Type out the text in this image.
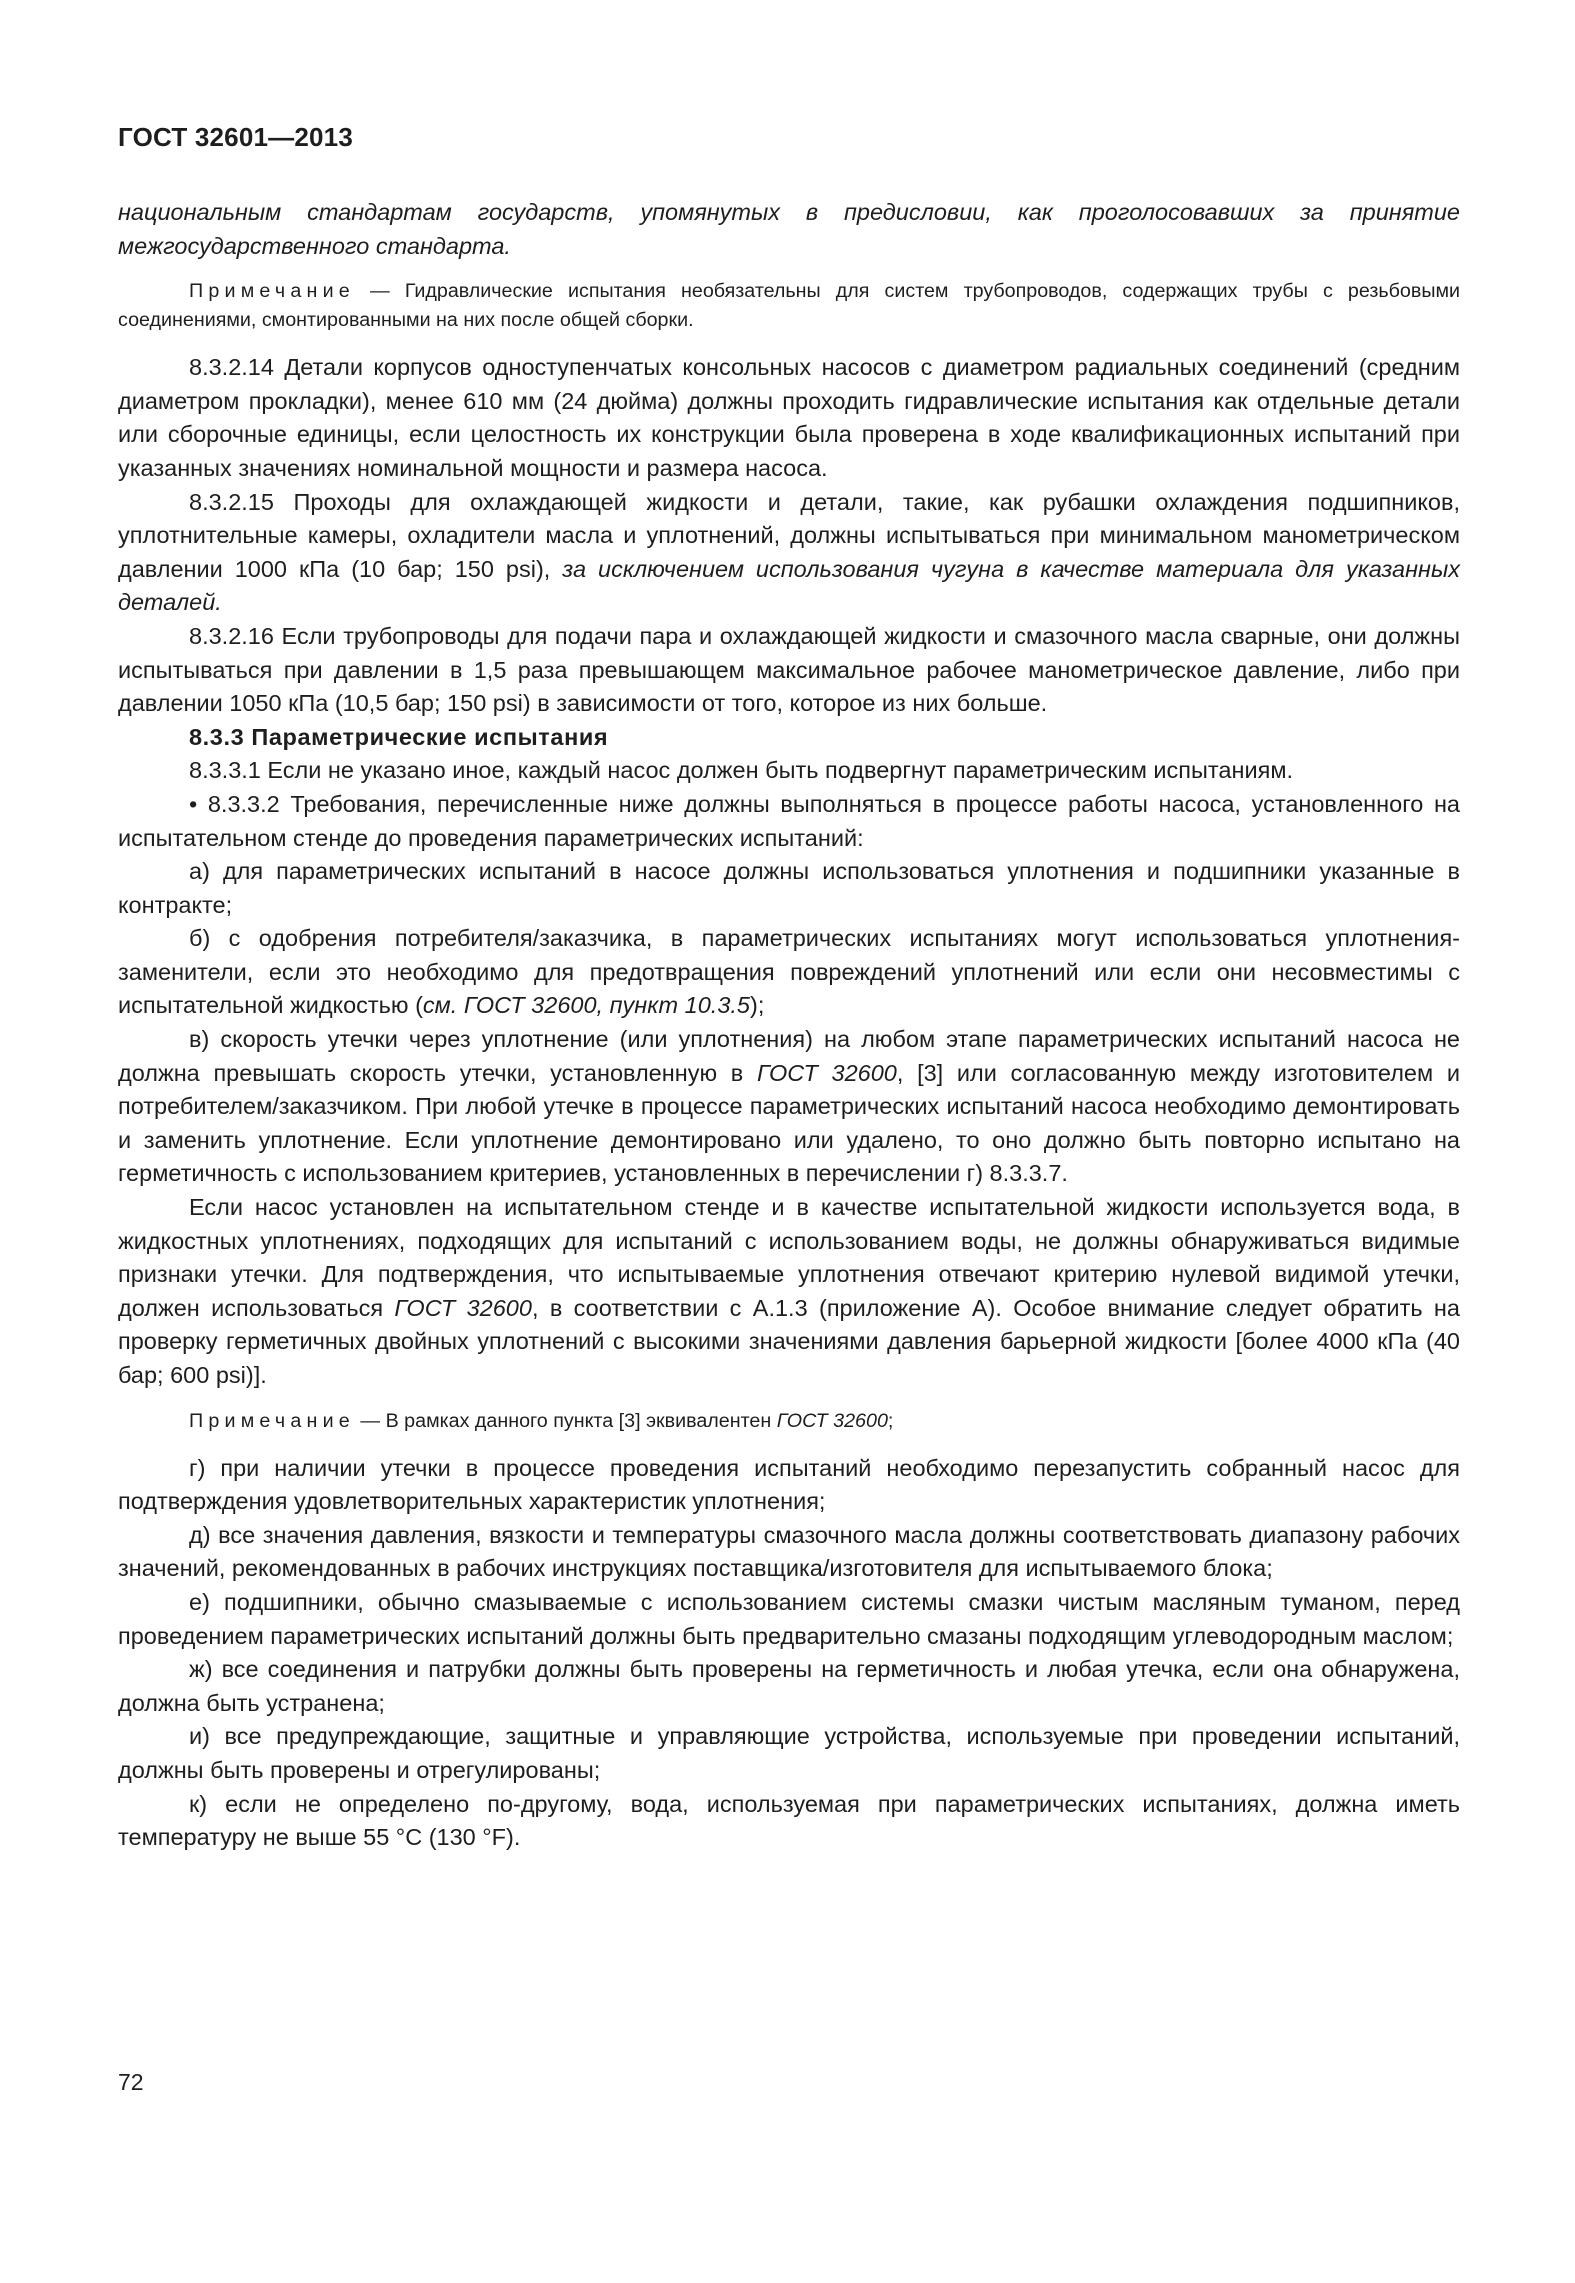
ГОСТ 32601—2013

национальным стандартам государств, упомянутых в предисловии, как проголосовавших за принятие межгосударственного стандарта.

Примечание — Гидравлические испытания необязательны для систем трубопроводов, содержащих трубы с резьбовыми соединениями, смонтированными на них после общей сборки.

8.3.2.14 Детали корпусов одноступенчатых консольных насосов с диаметром радиальных соединений (средним диаметром прокладки), менее 610 мм (24 дюйма) должны проходить гидравлические испытания как отдельные детали или сборочные единицы, если целостность их конструкции была проверена в ходе квалификационных испытаний при указанных значениях номинальной мощности и размера насоса.

8.3.2.15 Проходы для охлаждающей жидкости и детали, такие, как рубашки охлаждения подшипников, уплотнительные камеры, охладители масла и уплотнений, должны испытываться при минимальном манометрическом давлении 1000 кПа (10 бар; 150 psi), за исключением использования чугуна в качестве материала для указанных деталей.

8.3.2.16 Если трубопроводы для подачи пара и охлаждающей жидкости и смазочного масла сварные, они должны испытываться при давлении в 1,5 раза превышающем максимальное рабочее манометрическое давление, либо при давлении 1050 кПа (10,5 бар; 150 psi) в зависимости от того, которое из них больше.

8.3.3 Параметрические испытания

8.3.3.1 Если не указано иное, каждый насос должен быть подвергнут параметрическим испытаниям.

• 8.3.3.2 Требования, перечисленные ниже должны выполняться в процессе работы насоса, установленного на испытательном стенде до проведения параметрических испытаний:

а) для параметрических испытаний в насосе должны использоваться уплотнения и подшипники указанные в контракте;

б) с одобрения потребителя/заказчика, в параметрических испытаниях могут использоваться уплотнения-заменители, если это необходимо для предотвращения повреждений уплотнений или если они несовместимы с испытательной жидкостью (см. ГОСТ 32600, пункт 10.3.5);

в) скорость утечки через уплотнение (или уплотнения) на любом этапе параметрических испытаний насоса не должна превышать скорость утечки, установленную в ГОСТ 32600, [3] или согласованную между изготовителем и потребителем/заказчиком. При любой утечке в процессе параметрических испытаний насоса необходимо демонтировать и заменить уплотнение. Если уплотнение демонтировано или удалено, то оно должно быть повторно испытано на герметичность с использованием критериев, установленных в перечислении г) 8.3.3.7.

Если насос установлен на испытательном стенде и в качестве испытательной жидкости используется вода, в жидкостных уплотнениях, подходящих для испытаний с использованием воды, не должны обнаруживаться видимые признаки утечки. Для подтверждения, что испытываемые уплотнения отвечают критерию нулевой видимой утечки, должен использоваться ГОСТ 32600, в соответствии с А.1.3 (приложение А). Особое внимание следует обратить на проверку герметичных двойных уплотнений с высокими значениями давления барьерной жидкости [более 4000 кПа (40 бар; 600 psi)].

Примечание — В рамках данного пункта [3] эквивалентен ГОСТ 32600;

г) при наличии утечки в процессе проведения испытаний необходимо перезапустить собранный насос для подтверждения удовлетворительных характеристик уплотнения;

д) все значения давления, вязкости и температуры смазочного масла должны соответствовать диапазону рабочих значений, рекомендованных в рабочих инструкциях поставщика/изготовителя для испытываемого блока;

е) подшипники, обычно смазываемые с использованием системы смазки чистым масляным туманом, перед проведением параметрических испытаний должны быть предварительно смазаны подходящим углеводородным маслом;

ж) все соединения и патрубки должны быть проверены на герметичность и любая утечка, если она обнаружена, должна быть устранена;

и) все предупреждающие, защитные и управляющие устройства, используемые при проведении испытаний, должны быть проверены и отрегулированы;

к) если не определено по-другому, вода, используемая при параметрических испытаниях, должна иметь температуру не выше 55 °С (130 °F).

72
